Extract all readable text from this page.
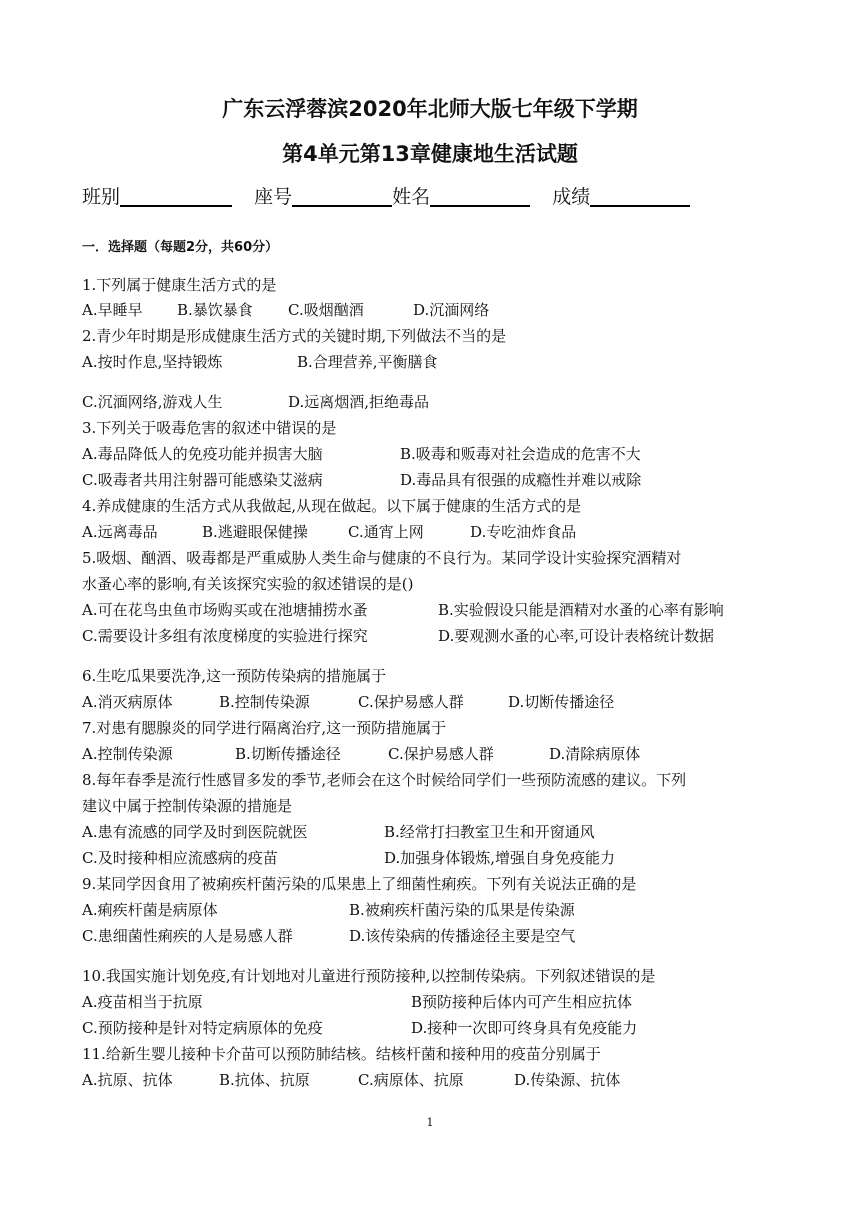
广东云浮蓉滨2020年北师大版七年级下学期
第4单元第13章健康地生活试题
班别	座号	姓名	成绩
一．选择题（每题2分，共60分）
1.下列属于健康生活方式的是
A.早睡早 B.暴饮暴食 C.吸烟酗酒	D.沉湎网络
2.青少年时期是形成健康生活方式的关键时期,下列做法不当的是
A.按时作息,坚持锻炼	B.合理营养,平衡膳食
C.沉湎网络,游戏人生	D.远离烟酒,拒绝毒品
3.下列关于吸毒危害的叙述中错误的是
A.毒品降低人的免疫功能并损害大脑	B.吸毒和贩毒对社会造成的危害不大
C.吸毒者共用注射器可能感染艾滋病	D.毒品具有很强的成瘾性并难以戒除
4.养成健康的生活方式从我做起,从现在做起。以下属于健康的生活方式的是
A.远离毒品	B.逃避眼保健操	C.通宵上网	D.专吃油炸食品
5.吸烟、酗酒、吸毒都是严重威胁人类生命与健康的不良行为。某同学设计实验探究酒精对
水蚤心率的影响,有关该探究实验的叙述错误的是()
A.可在花鸟虫鱼市场购买或在池塘捕捞水蚤	B.实验假设只能是酒精对水蚤的心率有影响
C.需要设计多组有浓度梯度的实验进行探究	D.要观测水蚤的心率,可设计表格统计数据
6.生吃瓜果要洗净,这一预防传染病的措施属于
A.消灭病原体	B.控制传染源	C.保护易感人群	D.切断传播途径
7.对患有腮腺炎的同学进行隔离治疗,这一预防措施属于
A.控制传染源	B.切断传播途径	C.保护易感人群	D.清除病原体
8.每年春季是流行性感冒多发的季节,老师会在这个时候给同学们一些预防流感的建议。下列
建议中属于控制传染源的措施是
A.患有流感的同学及时到医院就医	B.经常打扫教室卫生和开窗通风
C.及时接种相应流感病的疫苗	D.加强身体锻炼,增强自身免疫能力
9.某同学因食用了被痢疾杆菌污染的瓜果患上了细菌性痢疾。下列有关说法正确的是
A.痢疾杆菌是病原体	B.被痢疾杆菌污染的瓜果是传染源
C.患细菌性痢疾的人是易感人群	D.该传染病的传播途径主要是空气
10.我国实施计划免疫,有计划地对儿童进行预防接种,以控制传染病。下列叙述错误的是
A.疫苗相当于抗原	B预防接种后体内可产生相应抗体
C.预防接种是针对特定病原体的免疫	D.接种一次即可终身具有免疫能力
11.给新生婴儿接种卡介苗可以预防肺结核。结核杆菌和接种用的疫苗分别属于
A.抗原、抗体	B.抗体、抗原	C.病原体、抗原	D.传染源、抗体
1
